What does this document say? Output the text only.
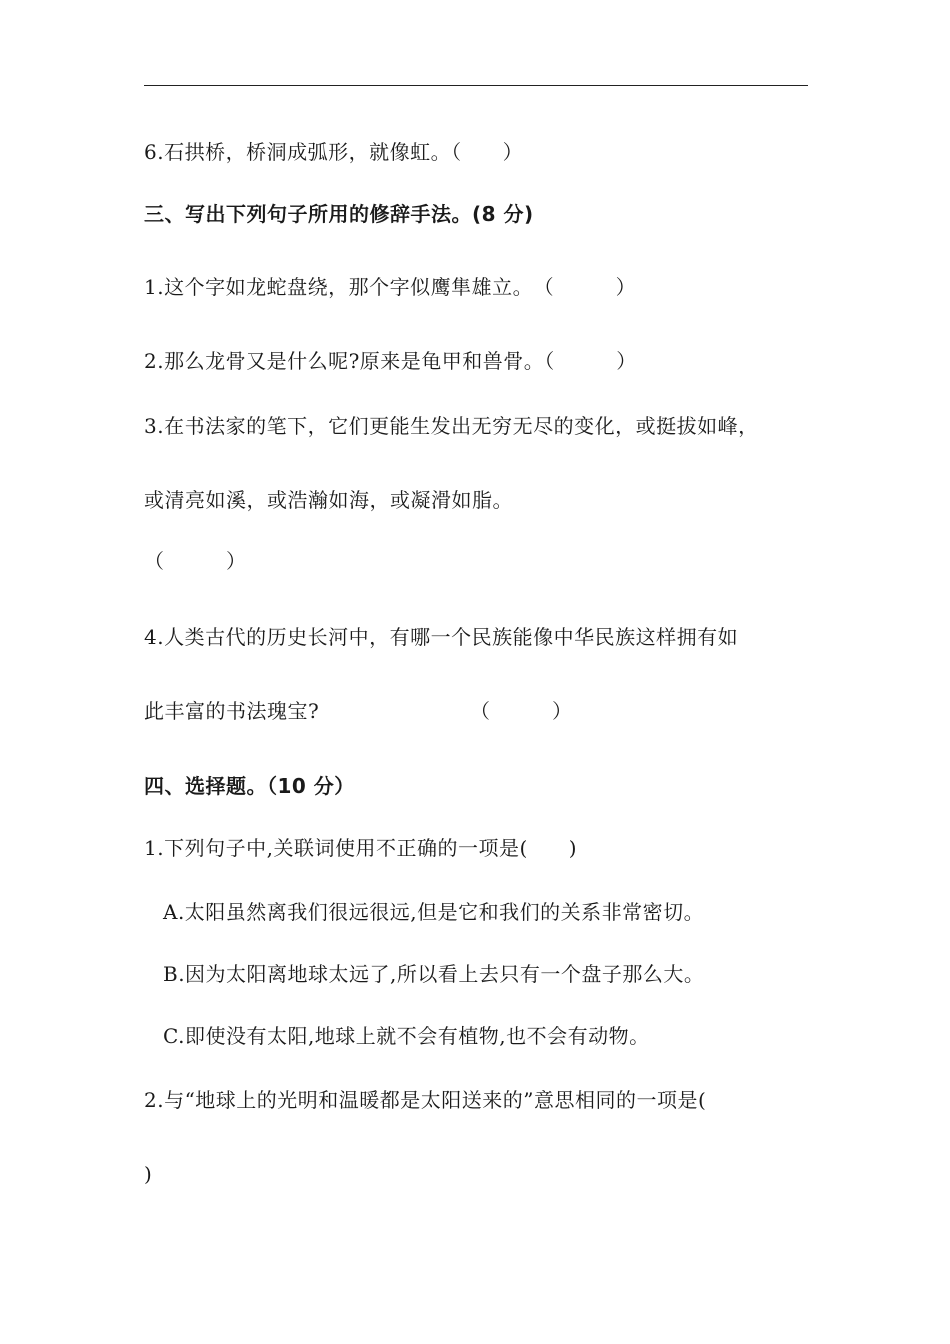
6.石拱桥，桥洞成弧形，就像虹。（　　）
三、写出下列句子所用的修辞手法。(8 分)
1.这个字如龙蛇盘绕，那个字似鹰隼雄立。　（　　　）
2.那么龙骨又是什么呢?原来是龟甲和兽骨。（　　　）
3.在书法家的笔下，它们更能生发出无穷无尽的变化，或挺拔如峰，
或清亮如溪，或浩瀚如海，或凝滑如脂。
（　　　）
4.人类古代的历史长河中，有哪一个民族能像中华民族这样拥有如
此丰富的书法瑰宝?	（　　　）
四、选择题。（10 分）
1.下列句子中,关联词使用不正确的一项是(　　)
A.太阳虽然离我们很远很远,但是它和我们的关系非常密切。
B.因为太阳离地球太远了,所以看上去只有一个盘子那么大。
C.即使没有太阳,地球上就不会有植物,也不会有动物。
2.与“地球上的光明和温暖都是太阳送来的”意思相同的一项是(
)
